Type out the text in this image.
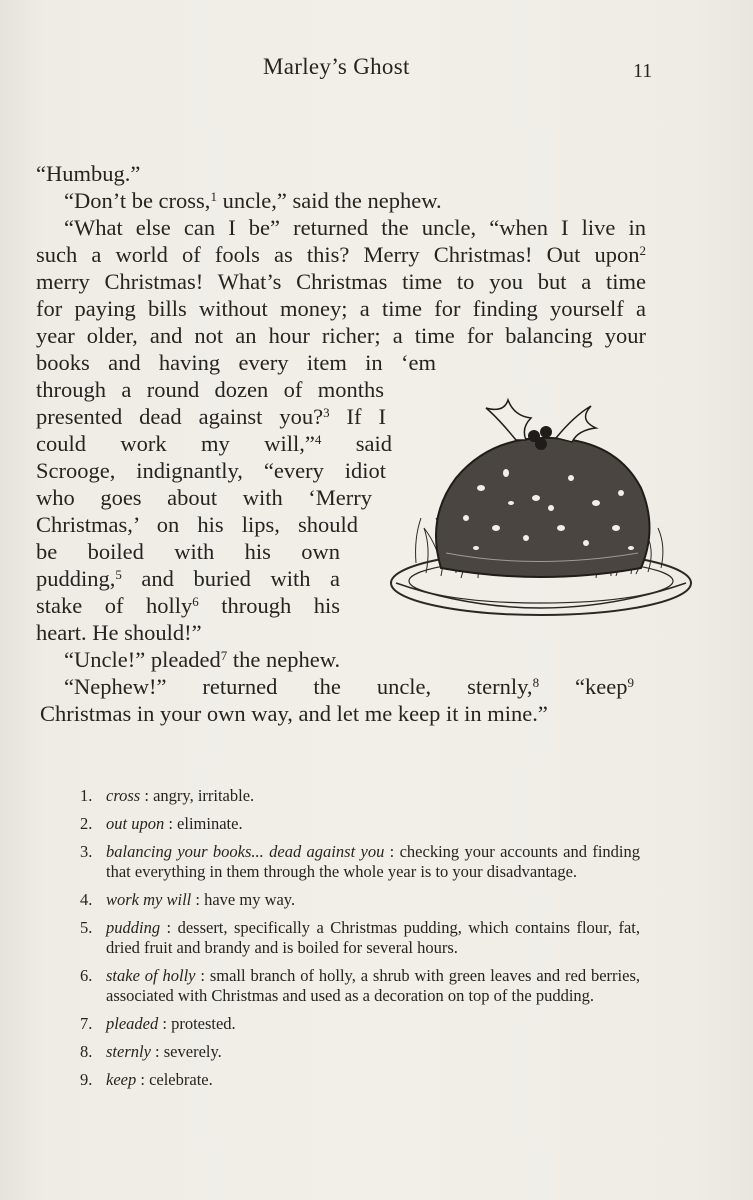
Marley’s Ghost	11
“Humbug.”
“Don’t be cross,$^1$ uncle,” said the nephew.
“What else can I be” returned the uncle, “when I live in
such a world of fools as this? Merry Christmas! Out upon$^2$
merry Christmas! What’s Christmas time to you but a time
for paying bills without money; a time for finding yourself a
year older, and not an hour richer; a time for balancing your
books and having every item in ‘em
through a round dozen of months
presented dead against you?$^3$ If I
could work my will,”$^4$ said
Scrooge, indignantly, “every idiot
who goes about with ‘Merry
Christmas,’ on his lips, should
be boiled with his own
pudding,$^5$ and buried with a
stake of holly$^6$ through his
heart. He should!”
“Uncle!” pleaded$^7$ the nephew.
“Nephew!” returned the uncle, sternly,$^8$ “keep$^9$
Christmas in your own way, and let me keep it in mine.”
1. cross : angry, irritable.
2. out upon : eliminate.
3. balancing your books... dead against you : checking your accounts and finding that everything in them through the whole year is to your disadvantage.
4. work my will : have my way.
5. pudding : dessert, specifically a Christmas pudding, which contains flour, fat, dried fruit and brandy and is boiled for several hours.
6. stake of holly : small branch of holly, a shrub with green leaves and red berries, associated with Christmas and used as a decoration on top of the pudding.
7. pleaded : protested.
8. sternly : severely.
9. keep : celebrate.
